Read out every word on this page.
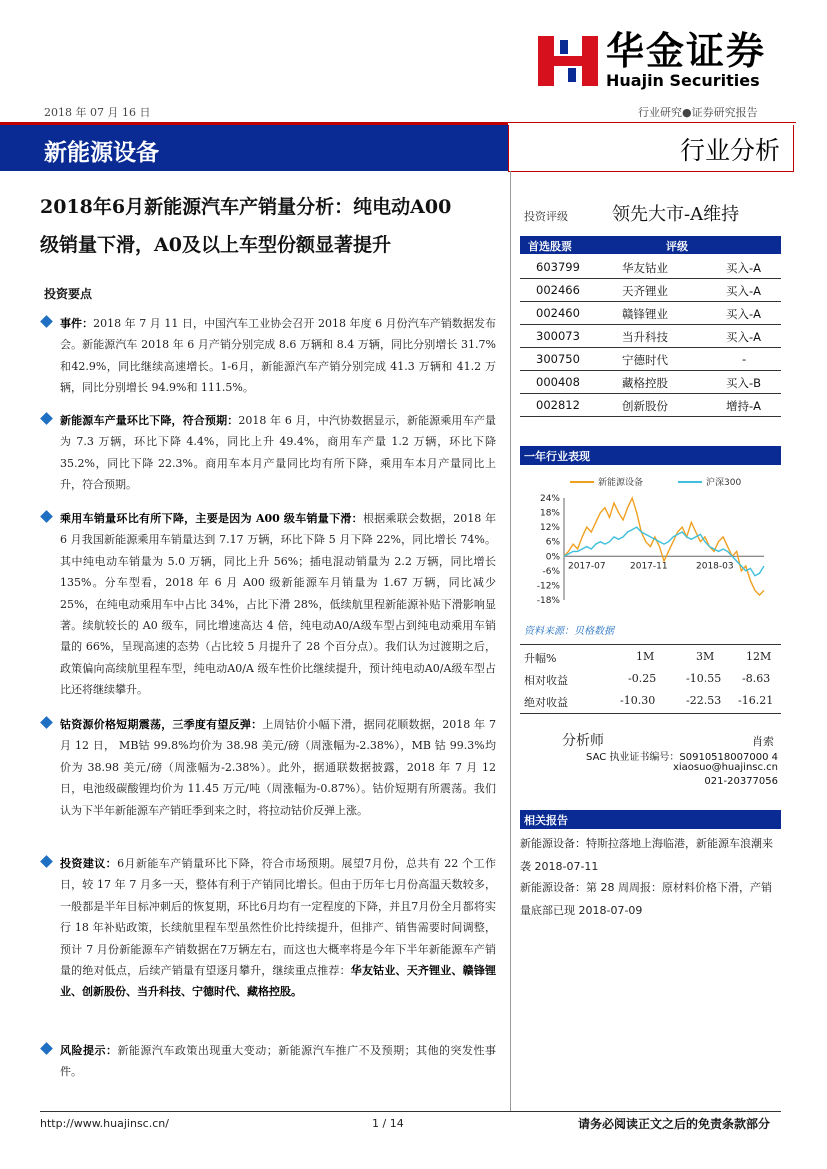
华金证券
Huajin Securities
2018 年 07 月 16 日	行业研究●证券研究报告
新能源设备	行业分析
2018年6月新能源汽车产销量分析：纯电动A00
级销量下滑，A0及以上车型份额显著提升
投资要点
事件：2018 年 7 月 11 日，中国汽车工业协会召开 2018 年度 6 月份汽车产销数据发布会。新能源汽车 2018 年 6 月产销分别完成 8.6 万辆和 8.4 万辆，同比分别增长 31.7%和42.9%，同比继续高速增长。1-6月，新能源汽车产销分别完成 41.3 万辆和 41.2 万辆，同比分别增长 94.9%和 111.5%。
新能源车产量环比下降，符合预期：2018 年 6 月，中汽协数据显示，新能源乘用车产量为 7.3 万辆，环比下降 4.4%，同比上升 49.4%，商用车产量 1.2 万辆，环比下降 35.2%，同比下降 22.3%。商用车本月产量同比均有所下降，乘用车本月产量同比上升，符合预期。
乘用车销量环比有所下降，主要是因为 A00 级车销量下滑：根据乘联会数据，2018 年 6 月我国新能源乘用车销量达到 7.17 万辆，环比下降 5 月下降 22%，同比增长 74%。其中纯电动车销量为 5.0 万辆，同比上升 56%；插电混动销量为 2.2 万辆，同比增长 135%。分车型看，2018 年 6 月 A00 级新能源车月销量为 1.67 万辆，同比减少 25%，在纯电动乘用车中占比 34%，占比下滑 28%，低续航里程新能源补贴下滑影响显著。续航较长的 A0 级车，同比增速高达 4 倍，纯电动A0/A级车型占到纯电动乘用车销量的 66%，呈现高速的态势（占比较 5 月提升了 28 个百分点）。我们认为过渡期之后，政策偏向高续航里程车型，纯电动A0/A 级车性价比继续提升，预计纯电动A0/A级车型占比还将继续攀升。
钴资源价格短期震荡，三季度有望反弹：上周钴价小幅下滑，据同花顺数据，2018 年 7 月 12 日， MB钴 99.8%均价为 38.98 美元/磅（周涨幅为-2.38%），MB 钴 99.3%均价为 38.98 美元/磅（周涨幅为-2.38%）。此外，据通联数据披露，2018 年 7 月 12 日，电池级碳酸锂均价为 11.45 万元/吨（周涨幅为-0.87%）。钴价短期有所震荡。我们认为下半年新能源车产销旺季到来之时，将拉动钴价反弹上涨。
投资建议：6月新能车产销量环比下降，符合市场预期。展望7月份，总共有 22 个工作日，较 17 年 7 月多一天，整体有利于产销同比增长。但由于历年七月份高温天数较多，一般都是半年目标冲刺后的恢复期，环比6月均有一定程度的下降，并且7月份全月都将实行 18 年补贴政策，长续航里程车型虽然性价比持续提升，但排产、销售需要时间调整，预计 7 月份新能源车产销数据在7万辆左右，而这也大概率将是今年下半年新能源车产销量的绝对低点，后续产销量有望逐月攀升，继续重点推荐：华友钴业、天齐锂业、赣锋锂业、创新股份、当升科技、宁德时代、藏格控股。
风险提示：新能源汽车政策出现重大变动；新能源汽车推广不及预期；其他的突发性事件。
投资评级 领先大市-A维持
首选股票	评级
603799	华友钴业	买入-A
002466	天齐锂业	买入-A
002460	赣锋锂业	买入-A
300073	当升科技	买入-A
300750	宁德时代	-
000408	藏格控股	买入-B
002812	创新股份	增持-A
一年行业表现
新能源设备	沪深300
24%
18%
12%
6%
0%
-6%
-12%
-18%
2017-07	2017-11	2018-03
资料来源：贝格数据
升幅%	1M	3M	12M
相对收益	-0.25	-10.55 -8.63
绝对收益	-10.30	-22.53 -16.21
分析师	肖索
SAC 执业证书编号：S0910518007000 4
xiaosuo@huajinsc.cn
021-20377056
相关报告
新能源设备：特斯拉落地上海临港，新能源车浪潮来袭 2018-07-11
新能源设备：第 28 周周报：原材料价格下滑，产销量底部已现 2018-07-09
http://www.huajinsc.cn/	1 / 14	请务必阅读正文之后的免责条款部分
